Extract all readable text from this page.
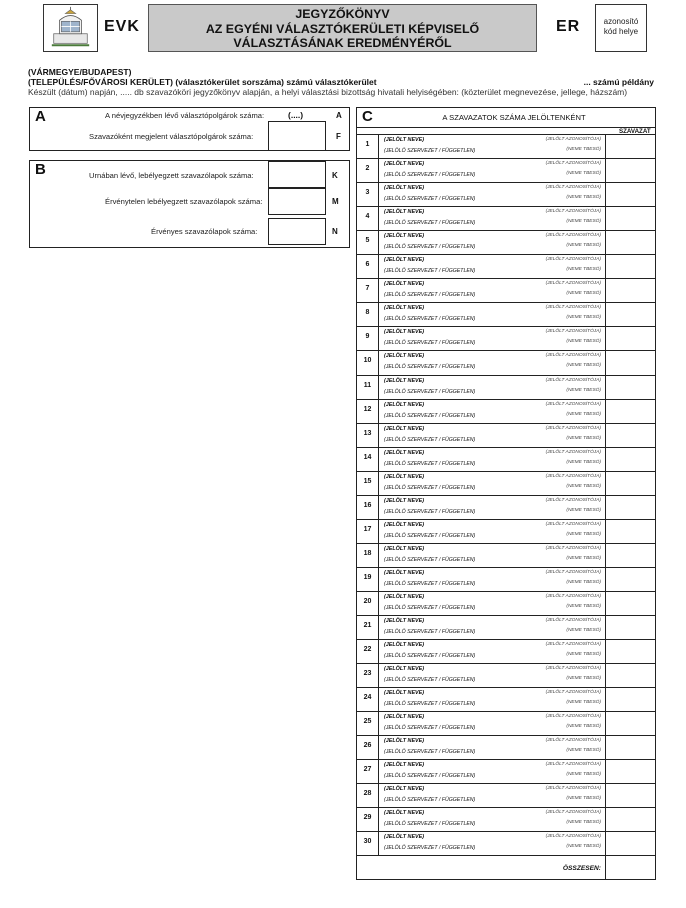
EVK
JEGYZŐKÖNYV
AZ EGYÉNI VÁLASZTÓKERÜLETI KÉPVISELŐ
VÁLASZTÁSÁNAK EREDMÉNYÉRŐL
ER	azonosító
kód helye
(VÁRMEGYE/BUDAPEST)
(TELEPÜLÉS/FŐVÁROSI KERÜLET) (választókerület sorszáma) számú választókerület	... számú példány
Készült (dátum) napján, ..... db szavazóköri jegyzőkönyv alapján, a helyi választási bizottság hivatali helyiségében: (közterület megnevezése, jellege, házszám)
A	A névjegyzékben lévő választópolgárok száma:	(....)	A
Szavazóként megjelent választópolgárok száma:	F
B	Urnában lévő, lebélyegzett szavazólapok száma:	K
Érvénytelen lebélyegzett szavazólapok száma:	M
Érvényes szavazólapok száma:	N
C	A SZAVAZATOK SZÁMA JELÖLTENKÉNT
SZAVAZAT
1
(JELÖLT NEVE)
(JELÖLŐ SZERVEZET / FÜGGETLEN)
(JELÖLT AZONOSÍTÓJA)
(NEME TBESÓ)
2
(JELÖLT NEVE)
(JELÖLŐ SZERVEZET / FÜGGETLEN)
(JELÖLT AZONOSÍTÓJA)
(NEME TBESÓ)
3
(JELÖLT NEVE)
(JELÖLŐ SZERVEZET / FÜGGETLEN)
(JELÖLT AZONOSÍTÓJA)
(NEME TBESÓ)
4
(JELÖLT NEVE)
(JELÖLŐ SZERVEZET / FÜGGETLEN)
(JELÖLT AZONOSÍTÓJA)
(NEME TBESÓ)
5
(JELÖLT NEVE)
(JELÖLŐ SZERVEZET / FÜGGETLEN)
(JELÖLT AZONOSÍTÓJA)
(NEME TBESÓ)
6
(JELÖLT NEVE)
(JELÖLŐ SZERVEZET / FÜGGETLEN)
(JELÖLT AZONOSÍTÓJA)
(NEME TBESÓ)
7
(JELÖLT NEVE)
(JELÖLŐ SZERVEZET / FÜGGETLEN)
(JELÖLT AZONOSÍTÓJA)
(NEME TBESÓ)
8
(JELÖLT NEVE)
(JELÖLŐ SZERVEZET / FÜGGETLEN)
(JELÖLT AZONOSÍTÓJA)
(NEME TBESÓ)
9
(JELÖLT NEVE)
(JELÖLŐ SZERVEZET / FÜGGETLEN)
(JELÖLT AZONOSÍTÓJA)
(NEME TBESÓ)
10
(JELÖLT NEVE)
(JELÖLŐ SZERVEZET / FÜGGETLEN)
(JELÖLT AZONOSÍTÓJA)
(NEME TBESÓ)
11
(JELÖLT NEVE)
(JELÖLŐ SZERVEZET / FÜGGETLEN)
(JELÖLT AZONOSÍTÓJA)
(NEME TBESÓ)
12
(JELÖLT NEVE)
(JELÖLŐ SZERVEZET / FÜGGETLEN)
(JELÖLT AZONOSÍTÓJA)
(NEME TBESÓ)
13
(JELÖLT NEVE)
(JELÖLŐ SZERVEZET / FÜGGETLEN)
(JELÖLT AZONOSÍTÓJA)
(NEME TBESÓ)
14
(JELÖLT NEVE)
(JELÖLŐ SZERVEZET / FÜGGETLEN)
(JELÖLT AZONOSÍTÓJA)
(NEME TBESÓ)
15
(JELÖLT NEVE)
(JELÖLŐ SZERVEZET / FÜGGETLEN)
(JELÖLT AZONOSÍTÓJA)
(NEME TBESÓ)
16
(JELÖLT NEVE)
(JELÖLŐ SZERVEZET / FÜGGETLEN)
(JELÖLT AZONOSÍTÓJA)
(NEME TBESÓ)
17
(JELÖLT NEVE)
(JELÖLŐ SZERVEZET / FÜGGETLEN)
(JELÖLT AZONOSÍTÓJA)
(NEME TBESÓ)
18
(JELÖLT NEVE)
(JELÖLŐ SZERVEZET / FÜGGETLEN)
(JELÖLT AZONOSÍTÓJA)
(NEME TBESÓ)
19
(JELÖLT NEVE)
(JELÖLŐ SZERVEZET / FÜGGETLEN)
(JELÖLT AZONOSÍTÓJA)
(NEME TBESÓ)
20
(JELÖLT NEVE)
(JELÖLŐ SZERVEZET / FÜGGETLEN)
(JELÖLT AZONOSÍTÓJA)
(NEME TBESÓ)
21
(JELÖLT NEVE)
(JELÖLŐ SZERVEZET / FÜGGETLEN)
(JELÖLT AZONOSÍTÓJA)
(NEME TBESÓ)
22
(JELÖLT NEVE)
(JELÖLŐ SZERVEZET / FÜGGETLEN)
(JELÖLT AZONOSÍTÓJA)
(NEME TBESÓ)
23
(JELÖLT NEVE)
(JELÖLŐ SZERVEZET / FÜGGETLEN)
(JELÖLT AZONOSÍTÓJA)
(NEME TBESÓ)
24
(JELÖLT NEVE)
(JELÖLŐ SZERVEZET / FÜGGETLEN)
(JELÖLT AZONOSÍTÓJA)
(NEME TBESÓ)
25
(JELÖLT NEVE)
(JELÖLŐ SZERVEZET / FÜGGETLEN)
(JELÖLT AZONOSÍTÓJA)
(NEME TBESÓ)
26
(JELÖLT NEVE)
(JELÖLŐ SZERVEZET / FÜGGETLEN)
(JELÖLT AZONOSÍTÓJA)
(NEME TBESÓ)
27
(JELÖLT NEVE)
(JELÖLŐ SZERVEZET / FÜGGETLEN)
(JELÖLT AZONOSÍTÓJA)
(NEME TBESÓ)
28
(JELÖLT NEVE)
(JELÖLŐ SZERVEZET / FÜGGETLEN)
(JELÖLT AZONOSÍTÓJA)
(NEME TBESÓ)
29
(JELÖLT NEVE)
(JELÖLŐ SZERVEZET / FÜGGETLEN)
(JELÖLT AZONOSÍTÓJA)
(NEME TBESÓ)
30
(JELÖLT NEVE)
(JELÖLŐ SZERVEZET / FÜGGETLEN)
(JELÖLT AZONOSÍTÓJA)
(NEME TBESÓ)
ÖSSZESEN:
